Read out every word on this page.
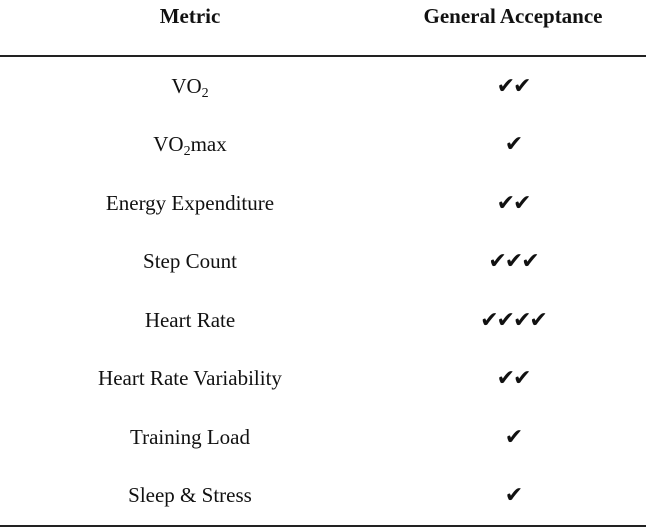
Metric	General Acceptance

$VO_2$	✔✔
$VO_2\max$	✔
Energy Expenditure	✔✔
Step Count	✔✔✔
Heart Rate	✔✔✔✔
Heart Rate Variability	✔✔
Training Load	✔
Sleep & Stress	✔
